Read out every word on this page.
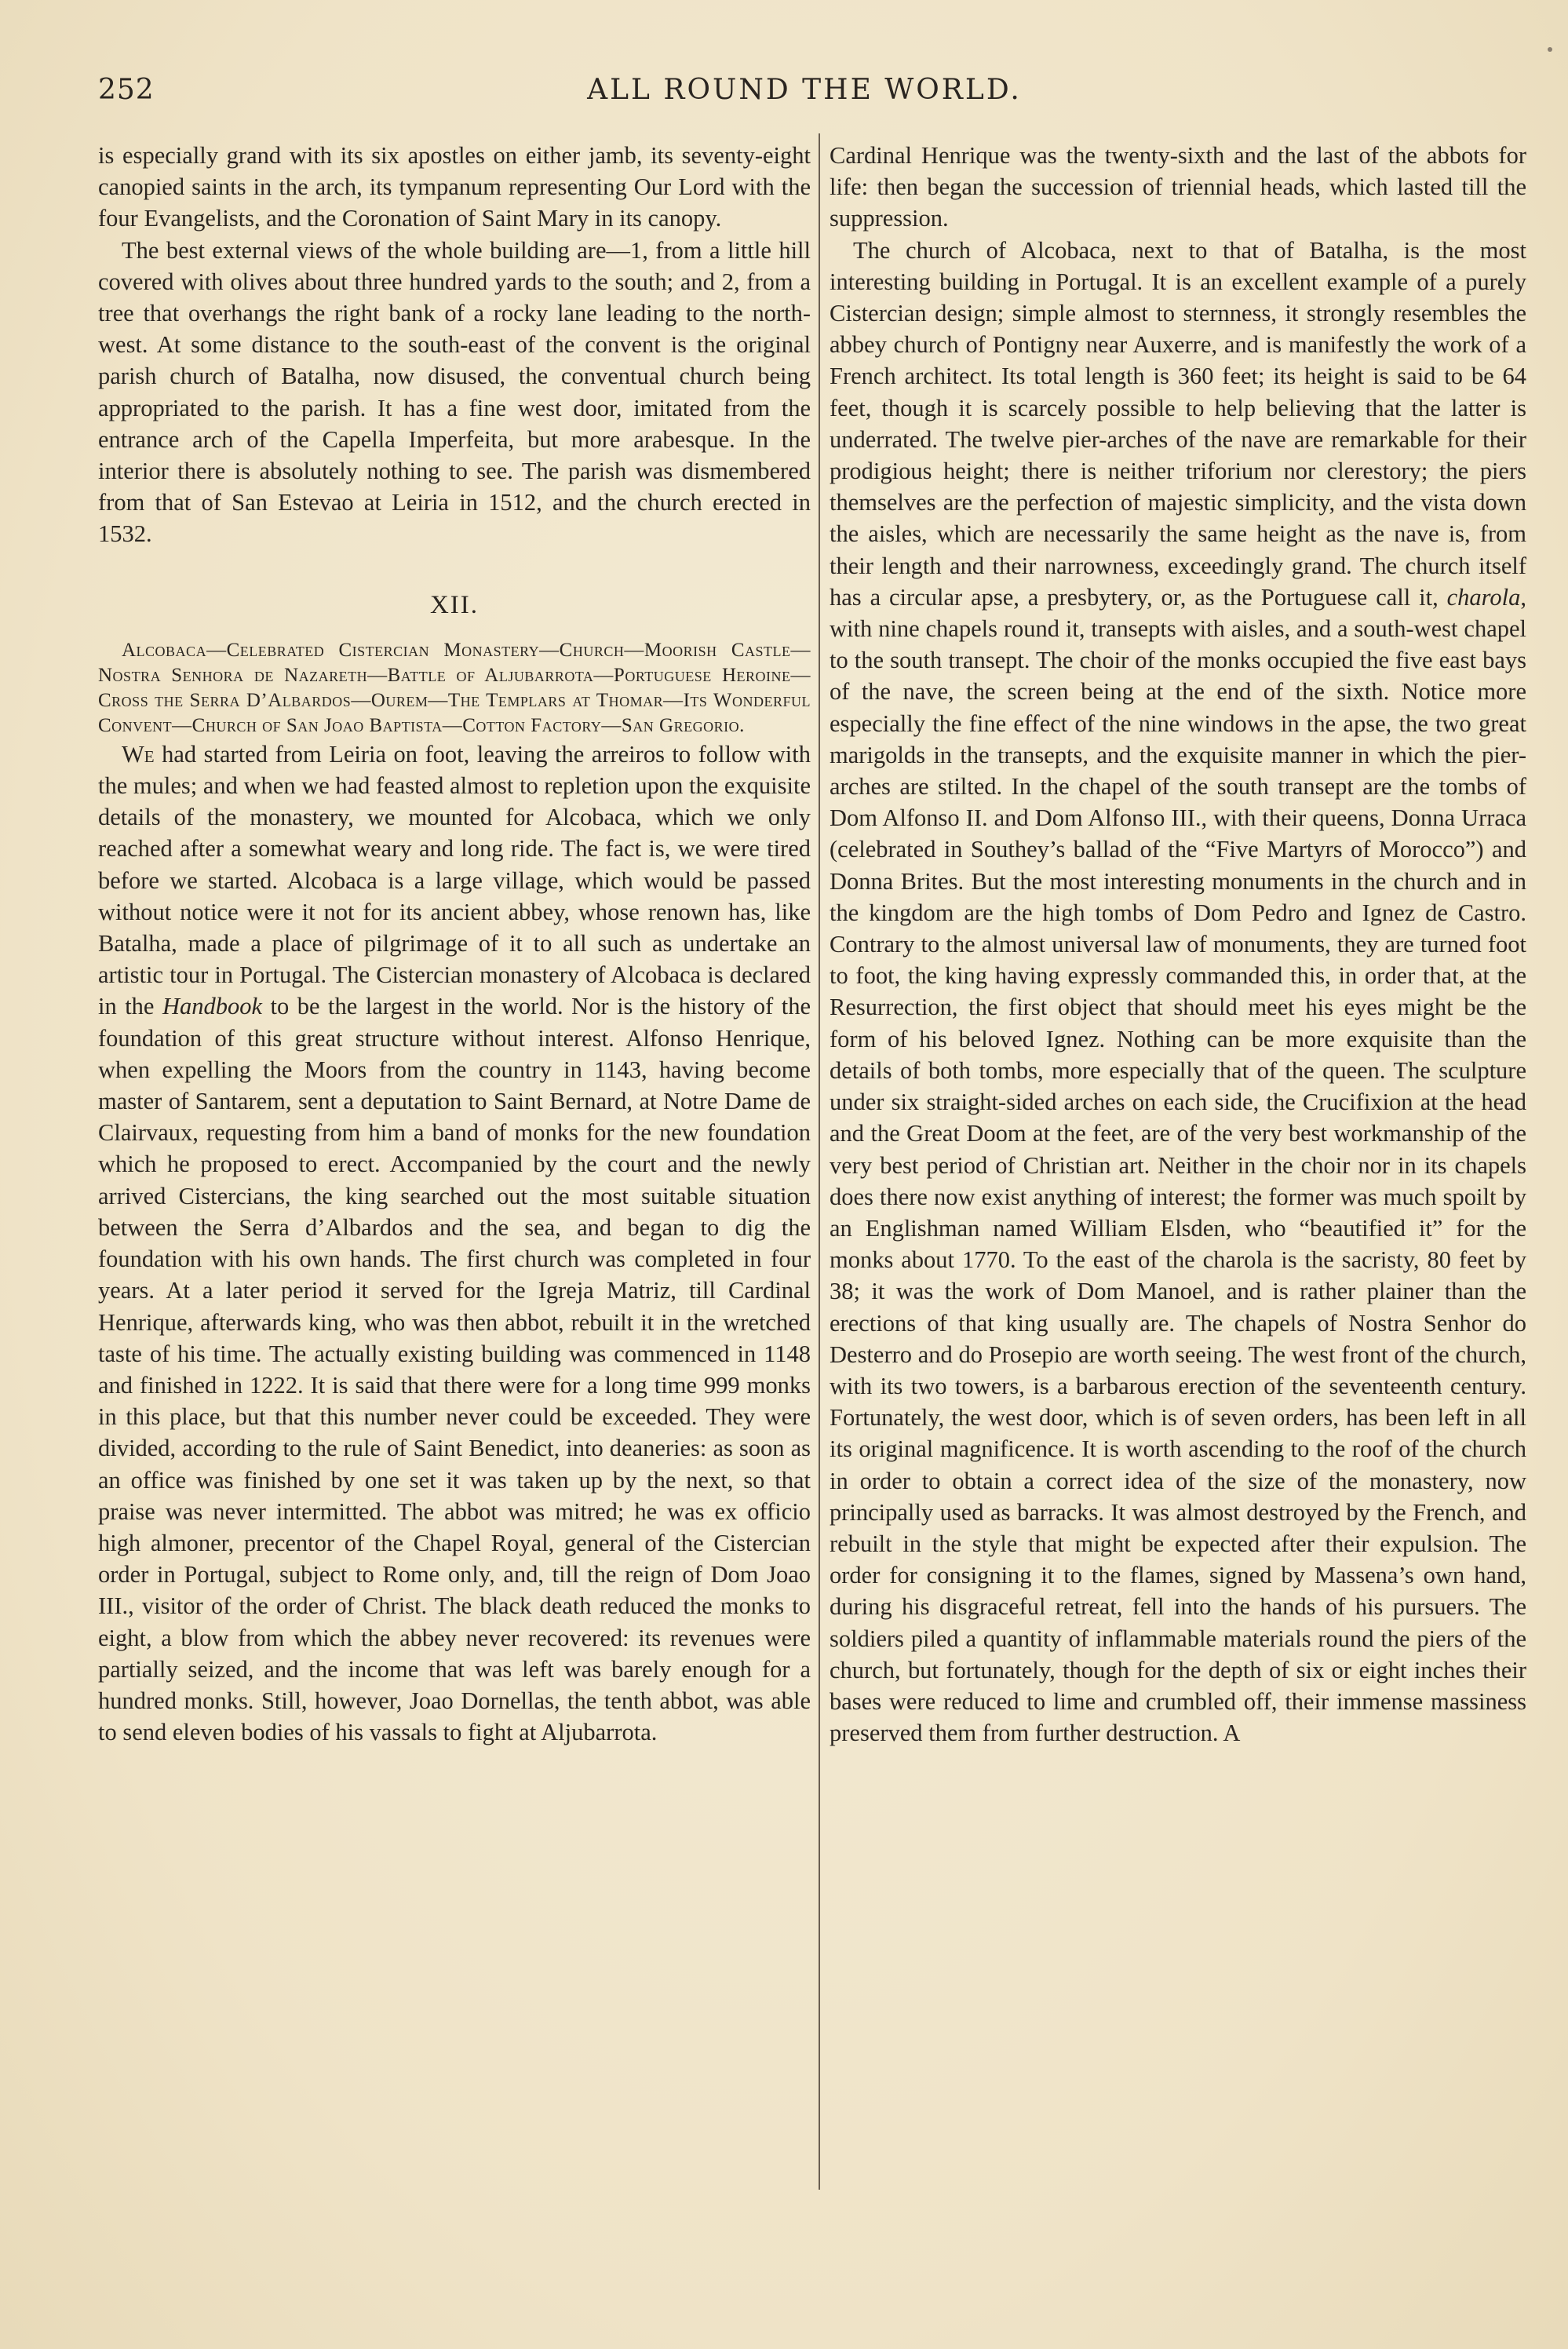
252	ALL ROUND THE WORLD.

is especially grand with its six apostles on either jamb, its seventy-eight canopied saints in the arch, its tympanum representing Our Lord with the four Evangelists, and the Coronation of Saint Mary in its canopy.

The best external views of the whole building are—1, from a little hill covered with olives about three hundred yards to the south; and 2, from a tree that overhangs the right bank of a rocky lane leading to the north-west. At some distance to the south-east of the convent is the original parish church of Batalha, now disused, the conventual church being appropriated to the parish. It has a fine west door, imitated from the entrance arch of the Capella Imperfeita, but more arabesque. In the interior there is absolutely nothing to see. The parish was dismembered from that of San Estevao at Leiria in 1512, and the church erected in 1532.

XII.

Alcobaca—Celebrated Cistercian Monastery—Church—Moorish Castle—Nostra Senhora de Nazareth—Battle of Aljubarrota—Portuguese Heroine—Cross the Serra D’Albardos—Ourem—The Templars at Thomar—Its Wonderful Convent—Church of San Joao Baptista—Cotton Factory—San Gregorio.

We had started from Leiria on foot, leaving the arreiros to follow with the mules; and when we had feasted almost to repletion upon the exquisite details of the monastery, we mounted for Alcobaca, which we only reached after a somewhat weary and long ride. The fact is, we were tired before we started. Alcobaca is a large village, which would be passed without notice were it not for its ancient abbey, whose renown has, like Batalha, made a place of pilgrimage of it to all such as undertake an artistic tour in Portugal. The Cistercian monastery of Alcobaca is declared in the Handbook to be the largest in the world. Nor is the history of the foundation of this great structure without interest. Alfonso Henrique, when expelling the Moors from the country in 1143, having become master of Santarem, sent a deputation to Saint Bernard, at Notre Dame de Clairvaux, requesting from him a band of monks for the new foundation which he proposed to erect. Accompanied by the court and the newly arrived Cistercians, the king searched out the most suitable situation between the Serra d’Albardos and the sea, and began to dig the foundation with his own hands. The first church was completed in four years. At a later period it served for the Igreja Matriz, till Cardinal Henrique, afterwards king, who was then abbot, rebuilt it in the wretched taste of his time. The actually existing building was commenced in 1148 and finished in 1222. It is said that there were for a long time 999 monks in this place, but that this number never could be exceeded. They were divided, according to the rule of Saint Benedict, into deaneries: as soon as an office was finished by one set it was taken up by the next, so that praise was never intermitted. The abbot was mitred; he was ex officio high almoner, precentor of the Chapel Royal, general of the Cistercian order in Portugal, subject to Rome only, and, till the reign of Dom Joao III., visitor of the order of Christ. The black death reduced the monks to eight, a blow from which the abbey never recovered: its revenues were partially seized, and the income that was left was barely enough for a hundred monks. Still, however, Joao Dornellas, the tenth abbot, was able to send eleven bodies of his vassals to fight at Aljubarrota.

Cardinal Henrique was the twenty-sixth and the last of the abbots for life: then began the succession of triennial heads, which lasted till the suppression.

The church of Alcobaca, next to that of Batalha, is the most interesting building in Portugal. It is an excellent example of a purely Cistercian design; simple almost to sternness, it strongly resembles the abbey church of Pontigny near Auxerre, and is manifestly the work of a French architect. Its total length is 360 feet; its height is said to be 64 feet, though it is scarcely possible to help believing that the latter is underrated. The twelve pier-arches of the nave are remarkable for their prodigious height; there is neither triforium nor clerestory; the piers themselves are the perfection of majestic simplicity, and the vista down the aisles, which are necessarily the same height as the nave is, from their length and their narrowness, exceedingly grand. The church itself has a circular apse, a presbytery, or, as the Portuguese call it, charola, with nine chapels round it, transepts with aisles, and a south-west chapel to the south transept. The choir of the monks occupied the five east bays of the nave, the screen being at the end of the sixth. Notice more especially the fine effect of the nine windows in the apse, the two great marigolds in the transepts, and the exquisite manner in which the pier-arches are stilted. In the chapel of the south transept are the tombs of Dom Alfonso II. and Dom Alfonso III., with their queens, Donna Urraca (celebrated in Southey’s ballad of the “Five Martyrs of Morocco”) and Donna Brites. But the most interesting monuments in the church and in the kingdom are the high tombs of Dom Pedro and Ignez de Castro. Contrary to the almost universal law of monuments, they are turned foot to foot, the king having expressly commanded this, in order that, at the Resurrection, the first object that should meet his eyes might be the form of his beloved Ignez. Nothing can be more exquisite than the details of both tombs, more especially that of the queen. The sculpture under six straight-sided arches on each side, the Crucifixion at the head and the Great Doom at the feet, are of the very best workmanship of the very best period of Christian art. Neither in the choir nor in its chapels does there now exist anything of interest; the former was much spoilt by an Englishman named William Elsden, who “beautified it” for the monks about 1770. To the east of the charola is the sacristy, 80 feet by 38; it was the work of Dom Manoel, and is rather plainer than the erections of that king usually are. The chapels of Nostra Senhor do Desterro and do Prosepio are worth seeing. The west front of the church, with its two towers, is a barbarous erection of the seventeenth century. Fortunately, the west door, which is of seven orders, has been left in all its original magnificence. It is worth ascending to the roof of the church in order to obtain a correct idea of the size of the monastery, now principally used as barracks. It was almost destroyed by the French, and rebuilt in the style that might be expected after their expulsion. The order for consigning it to the flames, signed by Massena’s own hand, during his disgraceful retreat, fell into the hands of his pursuers. The soldiers piled a quantity of inflammable materials round the piers of the church, but fortunately, though for the depth of six or eight inches their bases were reduced to lime and crumbled off, their immense massiness preserved them from further destruction. A
